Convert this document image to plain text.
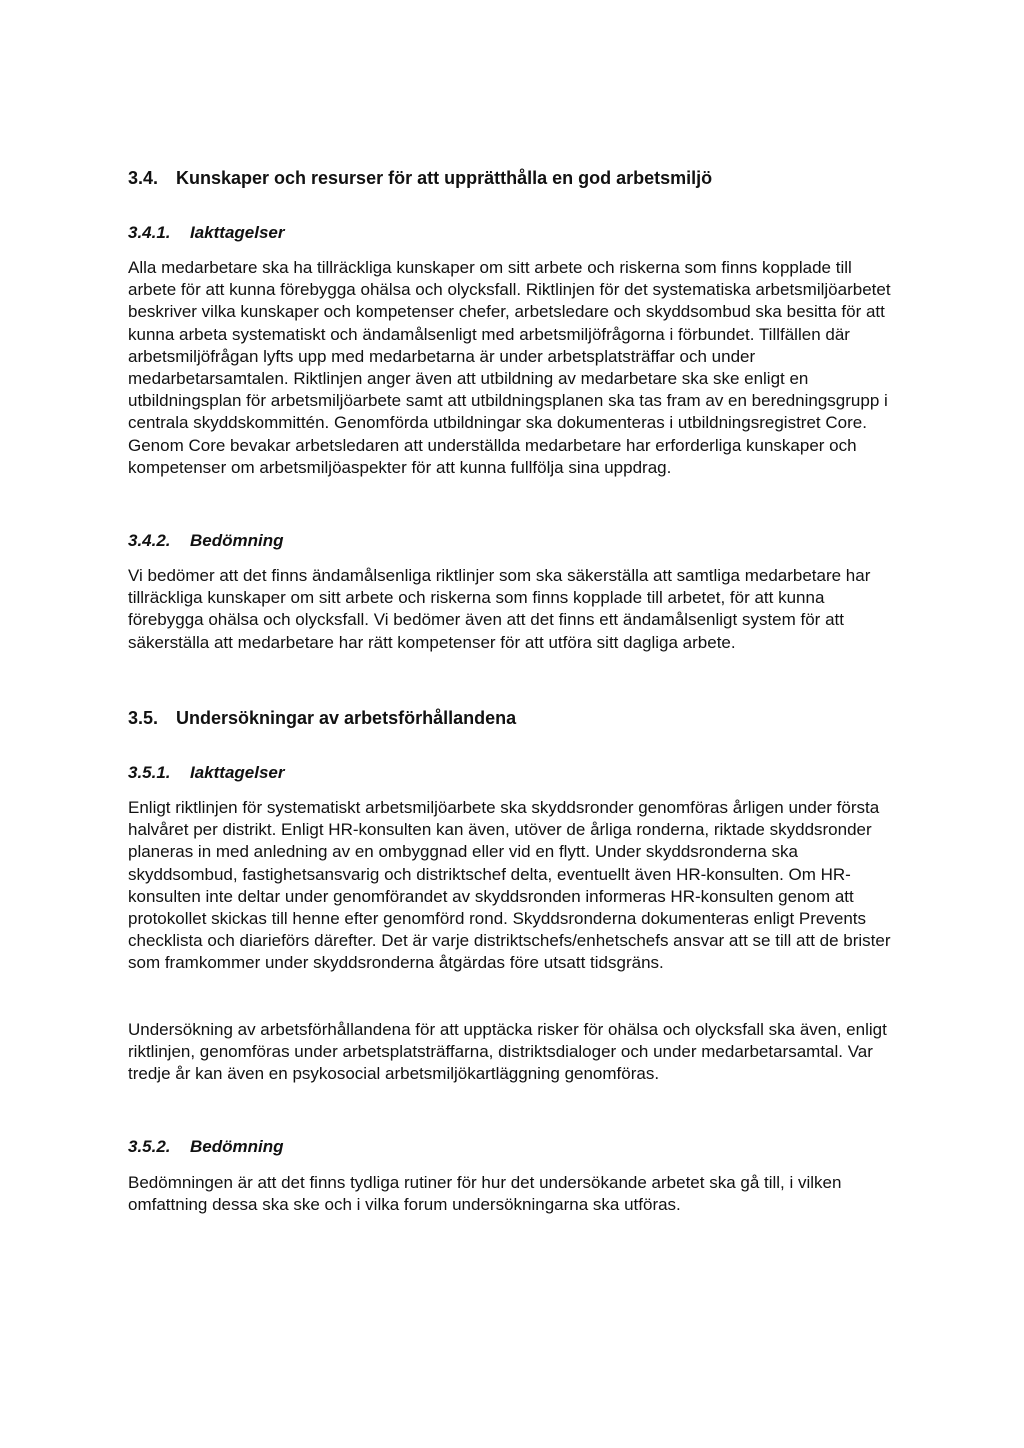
3.4. Kunskaper och resurser för att upprätthålla en god arbetsmiljö
3.4.1. Iakttagelser

Alla medarbetare ska ha tillräckliga kunskaper om sitt arbete och riskerna som finns kopplade till arbete för att kunna förebygga ohälsa och olycksfall. Riktlinjen för det systematiska arbetsmiljöarbetet beskriver vilka kunskaper och kompetenser chefer, arbetsledare och skyddsombud ska besitta för att kunna arbeta systematiskt och ändamålsenligt med arbetsmiljöfrågorna i förbundet. Tillfällen där arbetsmiljöfrågan lyfts upp med medarbetarna är under arbetsplatsträffar och under medarbetarsamtalen. Riktlinjen anger även att utbildning av medarbetare ska ske enligt en utbildningsplan för arbetsmiljöarbete samt att utbildningsplanen ska tas fram av en beredningsgrupp i centrala skyddskommittén. Genomförda utbildningar ska dokumenteras i utbildningsregistret Core. Genom Core bevakar arbetsledaren att underställda medarbetare har erforderliga kunskaper och kompetenser om arbetsmiljöaspekter för att kunna fullfölja sina uppdrag.

3.4.2. Bedömning

Vi bedömer att det finns ändamålsenliga riktlinjer som ska säkerställa att samtliga medarbetare har tillräckliga kunskaper om sitt arbete och riskerna som finns kopplade till arbetet, för att kunna förebygga ohälsa och olycksfall. Vi bedömer även att det finns ett ändamålsenligt system för att säkerställa att medarbetare har rätt kompetenser för att utföra sitt dagliga arbete.

3.5. Undersökningar av arbetsförhållandena
3.5.1. Iakttagelser

Enligt riktlinjen för systematiskt arbetsmiljöarbete ska skyddsronder genomföras årligen under första halvåret per distrikt. Enligt HR-konsulten kan även, utöver de årliga ronderna, riktade skyddsronder planeras in med anledning av en ombyggnad eller vid en flytt. Under skyddsronderna ska skyddsombud, fastighetsansvarig och distriktschef delta, eventuellt även HR-konsulten. Om HR-konsulten inte deltar under genomförandet av skyddsronden informeras HR-konsulten genom att protokollet skickas till henne efter genomförd rond. Skyddsronderna dokumenteras enligt Prevents checklista och diarieförs därefter. Det är varje distriktschefs/enhetschefs ansvar att se till att de brister som framkommer under skyddsronderna åtgärdas före utsatt tidsgräns.

Undersökning av arbetsförhållandena för att upptäcka risker för ohälsa och olycksfall ska även, enligt riktlinjen, genomföras under arbetsplatsträffarna, distriktsdialoger och under medarbetarsamtal. Var tredje år kan även en psykosocial arbetsmiljökartläggning genomföras.

3.5.2. Bedömning

Bedömningen är att det finns tydliga rutiner för hur det undersökande arbetet ska gå till, i vilken omfattning dessa ska ske och i vilka forum undersökningarna ska utföras.
